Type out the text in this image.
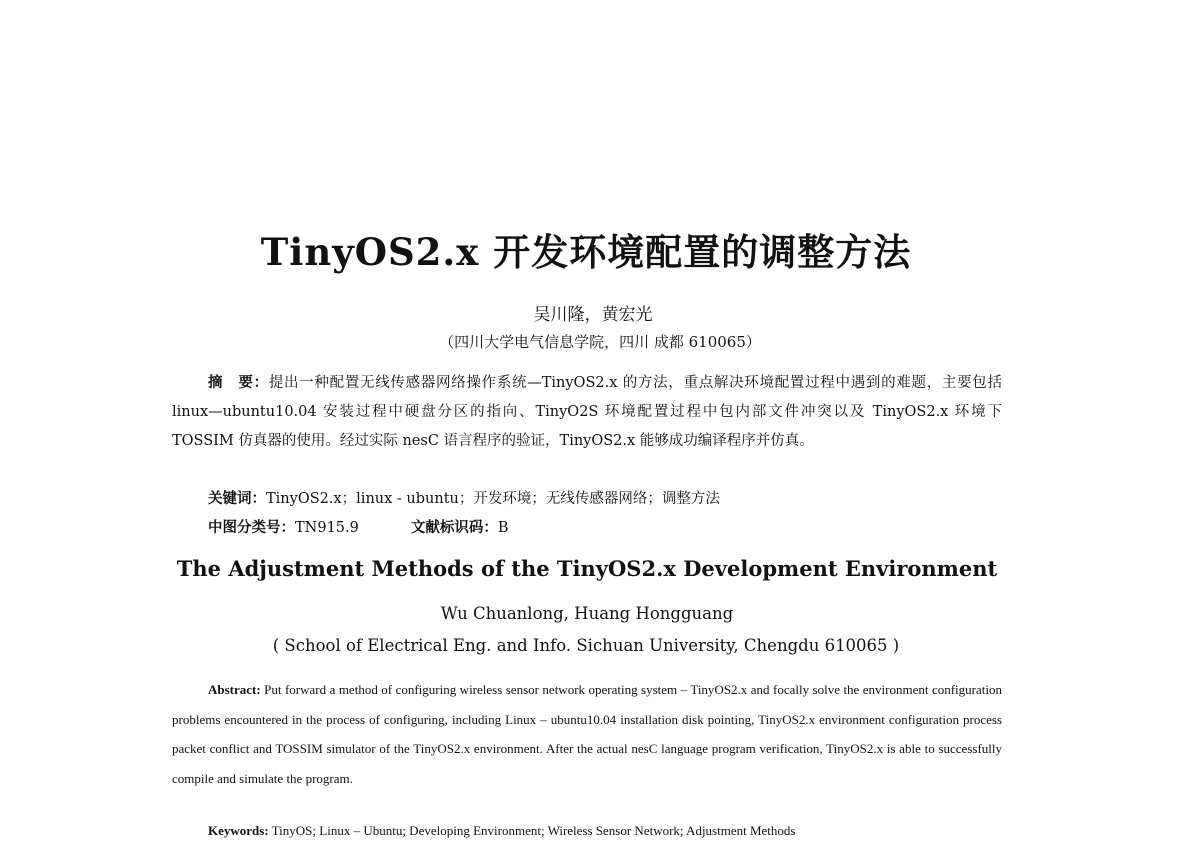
TinyOS2.x 开发环境配置的调整方法
吴川隆，黄宏光
（四川大学电气信息学院，四川 成都 610065）
摘　要：提出一种配置无线传感器网络操作系统—TinyOS2.x 的方法，重点解决环境配置过程中遇到的难题，主要包括 linux—ubuntu10.04 安装过程中硬盘分区的指向、TinyO2S 环境配置过程中包内部文件冲突以及 TinyOS2.x 环境下 TOSSIM 仿真器的使用。经过实际 nesC 语言程序的验证，TinyOS2.x 能够成功编译程序并仿真。
关键词：TinyOS2.x；linux - ubuntu；开发环境；无线传感器网络；调整方法
中图分类号：TN915.9	文献标识码：B
The Adjustment Methods of the TinyOS2.x Development Environment
Wu Chuanlong, Huang Hongguang
( School of Electrical Eng. and Info. Sichuan University, Chengdu 610065 )
Abstract: Put forward a method of configuring wireless sensor network operating system – TinyOS2.x and focally solve the environment configuration problems encountered in the process of configuring, including Linux – ubuntu10.04 installation disk pointing, TinyOS2.x environment configuration process packet conflict and TOSSIM simulator of the TinyOS2.x environment. After the actual nesC language program verification, TinyOS2.x is able to successfully compile and simulate the program.
Keywords: TinyOS; Linux – Ubuntu; Developing Environment; Wireless Sensor Network; Adjustment Methods
